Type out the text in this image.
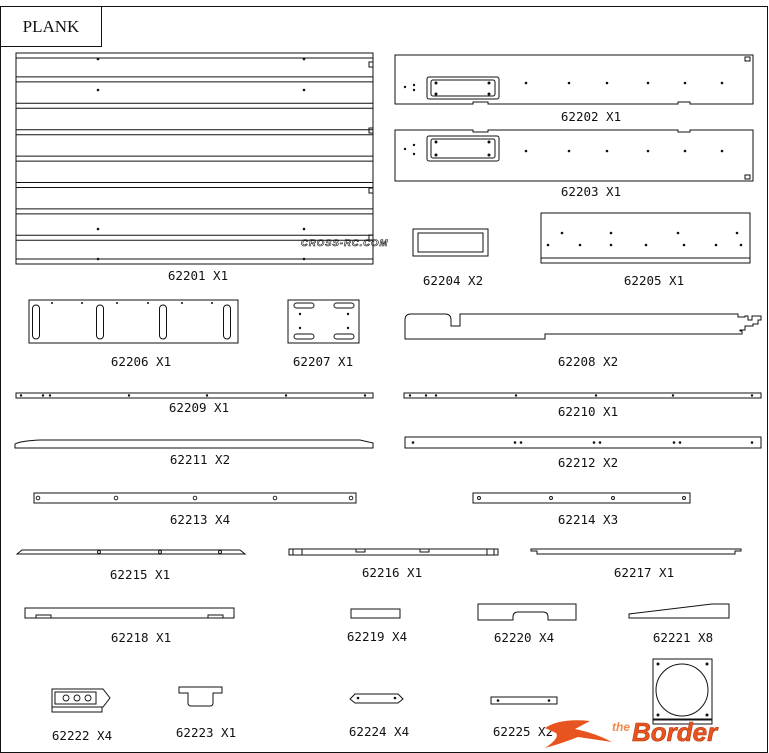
PLANK
CROSS-RC.COM
62201 X1
62202 X1
62203 X1
62204 X2	62205 X1
62206 X1	62207 X1	62208 X2
62209 X1	62210 X1
62211 X2	62212 X2
62213 X4	62214 X3
62215 X1	62216 X1	62217 X1
62218 X1	62219 X4	62220 X4	62221 X8
62222 X4	62223 X1	62224 X4	62225 X2	the Border
